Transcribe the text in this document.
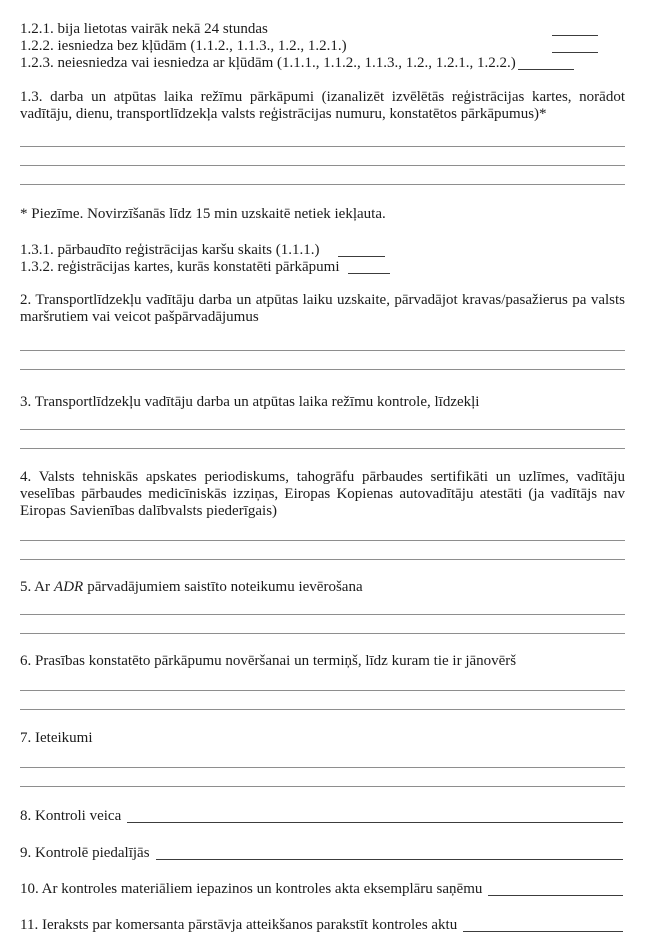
1.2.1. bija lietotas vairāk nekā 24 stundas
1.2.2. iesniedza bez kļūdām (1.1.2., 1.1.3., 1.2., 1.2.1.)
1.2.3. neiesniedza vai iesniedza ar kļūdām (1.1.1., 1.1.2., 1.1.3., 1.2., 1.2.1., 1.2.2.)

1.3. darba un atpūtas laika režīmu pārkāpumi (izanalizēt izvēlētās reģistrācijas kartes, norādot vadītāju, dienu, transportlīdzekļa valsts reģistrācijas numuru, konstatētos pārkāpumus)*

* Piezīme. Novirzīšanās līdz 15 min uzskaitē netiek iekļauta.

1.3.1. pārbaudīto reģistrācijas karšu skaits (1.1.1.)
1.3.2. reģistrācijas kartes, kurās konstatēti pārkāpumi

2. Transportlīdzekļu vadītāju darba un atpūtas laiku uzskaite, pārvadājot kravas/pasažierus pa valsts maršrutiem vai veicot pašpārvadājumus

3. Transportlīdzekļu vadītāju darba un atpūtas laika režīmu kontrole, līdzekļi

4. Valsts tehniskās apskates periodiskums, tahogrāfu pārbaudes sertifikāti un uzlīmes, vadītāju veselības pārbaudes medicīniskās izziņas, Eiropas Kopienas autovadītāju atestāti (ja vadītājs nav Eiropas Savienības dalībvalsts piederīgais)

5. Ar ADR pārvadājumiem saistīto noteikumu ievērošana

6. Prasības konstatēto pārkāpumu novēršanai un termiņš, līdz kuram tie ir jānovērš

7. Ieteikumi

8. Kontroli veica
9. Kontrolē piedalījās
10. Ar kontroles materiāliem iepazinos un kontroles akta eksemplāru saņēmu
11. Ieraksts par komersanta pārstāvja atteikšanos parakstīt kontroles aktu
